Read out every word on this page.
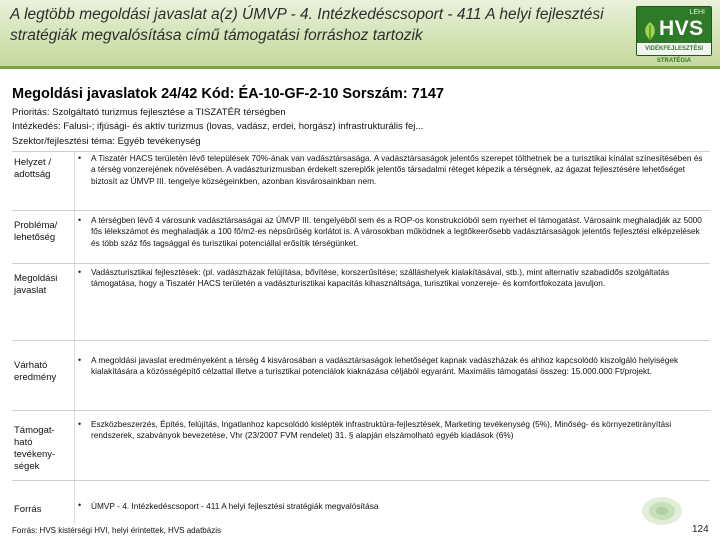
A legtöbb megoldási javaslat a(z) ÚMVP - 4. Intézkedéscsoport - 411 A helyi fejlesztési stratégiák megvalósítása című támogatási forráshoz tartozik
LEHI
HVS
VIDÉKFEJLESZTÉSI STRATÉGIA
Megoldási javaslatok 24/42 Kód: ÉA-10-GF-2-10 Sorszám: 7147
Prioritás: Szolgáltató turizmus fejlesztése a TISZATÉR térségben
Intézkedés: Falusi-; ifjúsági- és aktív turizmus (lovas, vadász, erdei, horgász) infrastrukturális fej...
Szektor/fejlesztési téma: Egyéb tevékenység
Helyzet / adottság
• A Tiszatér HACS területén lévő települések 70%-ának van vadásztársasága. A vadásztársaságok jelentős szerepet tölthetnek be a turisztikai kínálat színesítésében és a térség vonzerejének növelésében. A vadászturizmusban érdekelt szereplők jelentős társadalmi réteget képezik a térségnek, az ágazat fejlesztésére lehetőséget biztosít az ÚMVP III. tengelye községeinkben, azonban kisvárosainkban nem.
Probléma/ lehetőség
• A térségben lévő 4 városunk vadásztársaságai az ÚMVP III. tengelyéből sem és a ROP-os konstrukcióból sem nyerhet el támogatást. Városaink meghaladják az 5000 fős lélekszámot és meghaladják a 100 fő/m2-es népsűrűség korlátot is. A városokban működnek a legtőkeerősebb vadásztársaságok jelentős fejlesztési elképzelések és több száz fős tagsággal és turisztikai potenciállal erősítik térségünket.
Megoldási javaslat
• Vadászturisztikai fejlesztések: (pl. vadászházak felújítása, bővítése, korszerűsítése; szálláshelyek kialakításával, stb.), mint alternatív szabadidős szolgáltatás támogatása, hogy a Tiszatér HACS területén a vadászturisztikai kapacitás kihasználtsága, turisztikai vonzereje- és komfortfokozata javuljon.
Várható eredmény
• A megoldási javaslat eredményeként a térség 4 kisvárosában a vadásztársaságok lehetőséget kapnak vadászházak és ahhoz kapcsolódó kiszolgáló helyiségek kialakítására a közösségépítő célzattal illetve a turisztikai potenciálok kiaknázása céljából egyaránt. Maximális támogatási összeg: 15.000.000 Ft/projekt.
Támogat-ható tevékeny-ségek
• Eszközbeszerzés, Építés, felújítás, Ingatlanhoz kapcsolódó kislépték infrastruktúra-fejlesztések, Marketing tevékenység (5%), Minőség- és környezetirányítási rendszerek, szabványok bevezetése, Vhr (23/2007 FVM rendelet) 31. § alapján elszámolható egyéb kiadások (6%)
Forrás	• ÚMVP - 4. Intézkedéscsoport - 411 A helyi fejlesztési stratégiák megvalósítása
Forrás: HVS kistérségi HVI, helyi érintettek, HVS adatbázis	124
